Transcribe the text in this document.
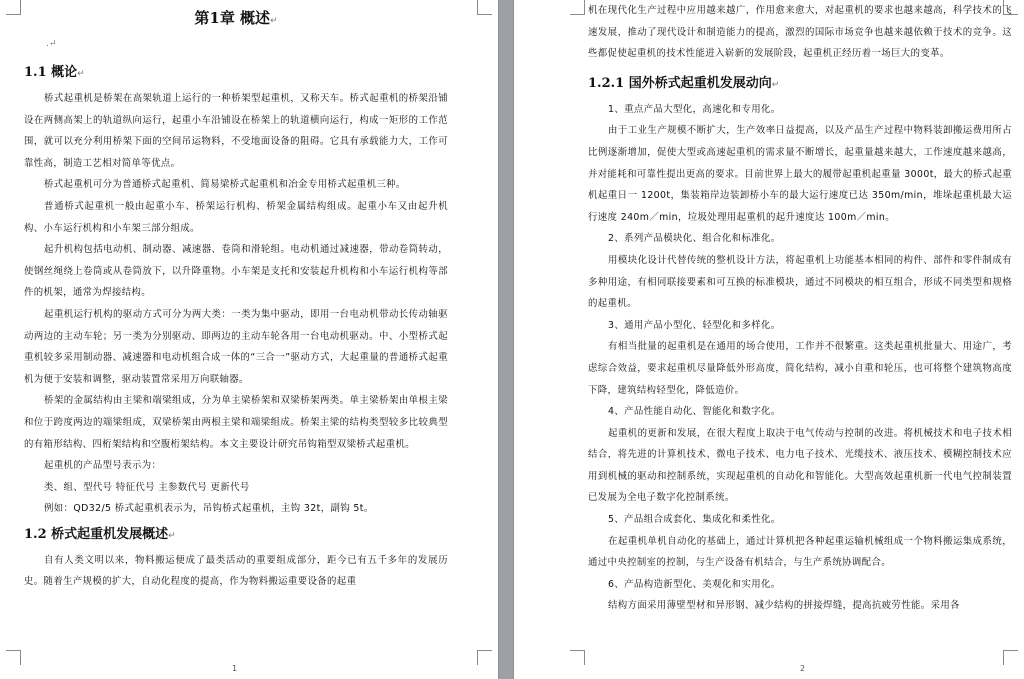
第1章 概述↵
.↵
1.1 概论↵

桥式起重机是桥架在高架轨道上运行的一种桥架型起重机，又称天车。桥式起重机的桥架沿铺设在两侧高架上的轨道纵向运行，起重小车沿铺设在桥架上的轨道横向运行，构成一矩形的工作范围，就可以充分利用桥架下面的空间吊运物料，不受地面设备的阻碍。它具有承载能力大，工作可靠性高，制造工艺相对简单等优点。

桥式起重机可分为普通桥式起重机、简易梁桥式起重机和冶金专用桥式起重机三种。

普通桥式起重机一般由起重小车、桥架运行机构、桥架金属结构组成。起重小车又由起升机构、小车运行机构和小车架三部分组成。

起升机构包括电动机、制动器、减速器、卷筒和滑轮组。电动机通过减速器，带动卷筒转动，使钢丝绳绕上卷筒或从卷筒放下，以升降重物。小车架是支托和安装起升机构和小车运行机构等部件的机架，通常为焊接结构。

起重机运行机构的驱动方式可分为两大类：一类为集中驱动，即用一台电动机带动长传动轴驱动两边的主动车轮；另一类为分别驱动、即两边的主动车轮各用一台电动机驱动。中、小型桥式起重机较多采用制动器、减速器和电动机组合成一体的“三合一”驱动方式，大起重量的普通桥式起重机为便于安装和调整，驱动装置常采用万向联轴器。

桥架的金属结构由主梁和端梁组成，分为单主梁桥架和双梁桥架两类。单主梁桥架由单根主梁和位于跨度两边的端梁组成，双梁桥架由两根主梁和端梁组成。桥架主梁的结构类型较多比较典型的有箱形结构、四桁架结构和空腹桁架结构。本文主要设计研究吊钩箱型双梁桥式起重机。

起重机的产品型号表示为：

类、组、型代号 特征代号 主参数代号 更新代号

例如：QD32/5 桥式起重机表示为，吊钩桥式起重机，主钩 32t，副钩 5t。

1.2 桥式起重机发展概述↵

自有人类文明以来，物料搬运便成了最类活动的重要组成部分，距今已有五千多年的发展历史。随着生产规模的扩大，自动化程度的提高，作为物料搬运重要设备的起重

1

机在现代化生产过程中应用越来越广，作用愈来愈大，对起重机的要求也越来越高，科学技术的飞速发展，推动了现代设计和制造能力的提高，激烈的国际市场竞争也越来越依赖于技术的竞争。这些都促使起重机的技术性能进入崭新的发展阶段，起重机正经历着一场巨大的变革。

1.2.1 国外桥式起重机发展动向↵

1、重点产品大型化，高速化和专用化。

由于工业生产规模不断扩大，生产效率日益提高，以及产品生产过程中物料装卸搬运费用所占比例逐渐增加，促使大型或高速起重机的需求量不断增长，起重量越来越大，工作速度越来越高，并对能耗和可靠性提出更高的要求。目前世界上最大的履带起重机起重量 3000t，最大的桥式起重机起重日一 1200t，集装箱岸边装卸桥小车的最大运行速度已达 350m/min，堆垛起重机最大运行速度 240m／min，垃圾处理用起重机的起升速度达 100m／min。

2、系列产品模块化、组合化和标准化。

用模块化设计代替传统的整机设计方法，将起重机上功能基本相同的构件、部件和零件制成有多种用途，有相同联接要素和可互换的标准模块，通过不同模块的相互组合，形成不同类型和规格的起重机。

3、通用产品小型化、轻型化和多样化。

有相当批量的起重机是在通用的场合使用，工作并不很繁重。这类起重机批量大、用途广，考虑综合效益，要求起重机尽量降低外形高度，简化结构，减小自重和轮压，也可将整个建筑物高度下降，建筑结构轻型化，降低造价。

4、产品性能自动化、智能化和数字化。

起重机的更新和发展，在很大程度上取决于电气传动与控制的改进。将机械技术和电子技术相结合，将先进的计算机技术、微电子技术、电力电子技术、光缆技术、液压技术、模糊控制技术应用到机械的驱动和控制系统，实现起重机的自动化和智能化。大型高效起重机新一代电气控制装置已发展为全电子数字化控制系统。

5、产品组合成套化、集成化和柔性化。

在起重机单机自动化的基础上，通过计算机把各种起重运输机械组成一个物料搬运集成系统，通过中央控制室的控制，与生产设备有机结合，与生产系统协调配合。

6、产品构造新型化、美观化和实用化。

结构方面采用薄壁型材和异形钢、减少结构的拼接焊缝，提高抗疲劳性能。采用各

2
